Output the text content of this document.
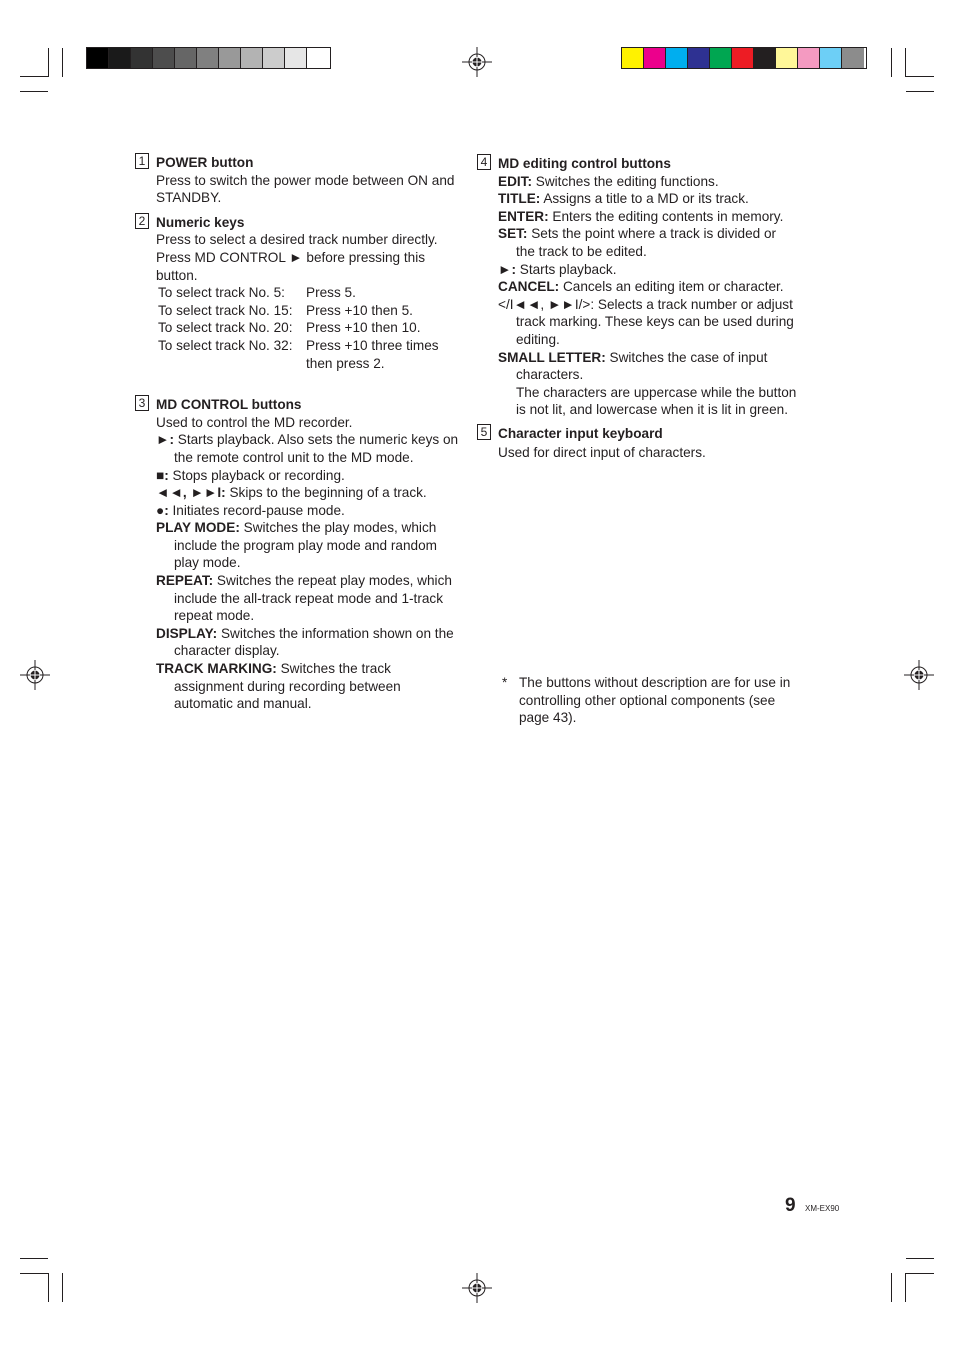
1 POWER button

Press to switch the power mode between ON and STANDBY.

2 Numeric keys

Press to select a desired track number directly.

Press MD CONTROL ► before pressing this button.

To select track No. 5:	Press 5.
To select track No. 15:	Press +10 then 5.
To select track No. 20:	Press +10 then 10.
To select track No. 32:	Press +10 three times then press 2.
3 MD CONTROL buttons

Used to control the MD recorder.

►: Starts playback. Also sets the numeric keys on the remote control unit to the MD mode.

■: Stops playback or recording.

◄◄, ►►I: Skips to the beginning of a track.

●: Initiates record-pause mode.

PLAY MODE: Switches the play modes, which include the program play mode and random play mode.

REPEAT: Switches the repeat play modes, which include the all-track repeat mode and 1-track repeat mode.

DISPLAY: Switches the information shown on the character display.

TRACK MARKING: Switches the track assignment during recording between automatic and manual.

4 MD editing control buttons

EDIT: Switches the editing functions.

TITLE: Assigns a title to a MD or its track.

ENTER: Enters the editing contents in memory.

SET: Sets the point where a track is divided or the track to be edited.

►: Starts playback.

CANCEL: Cancels an editing item or character.

</I◄◄, ►►I/>: Selects a track number or adjust track marking. These keys can be used during editing.

SMALL LETTER: Switches the case of input characters.

The characters are uppercase while the button is not lit, and lowercase when it is lit in green.

5 Character input keyboard

Used for direct input of characters.

* The buttons without description are for use in controlling other optional components (see page 43).

9 XM-EX90
